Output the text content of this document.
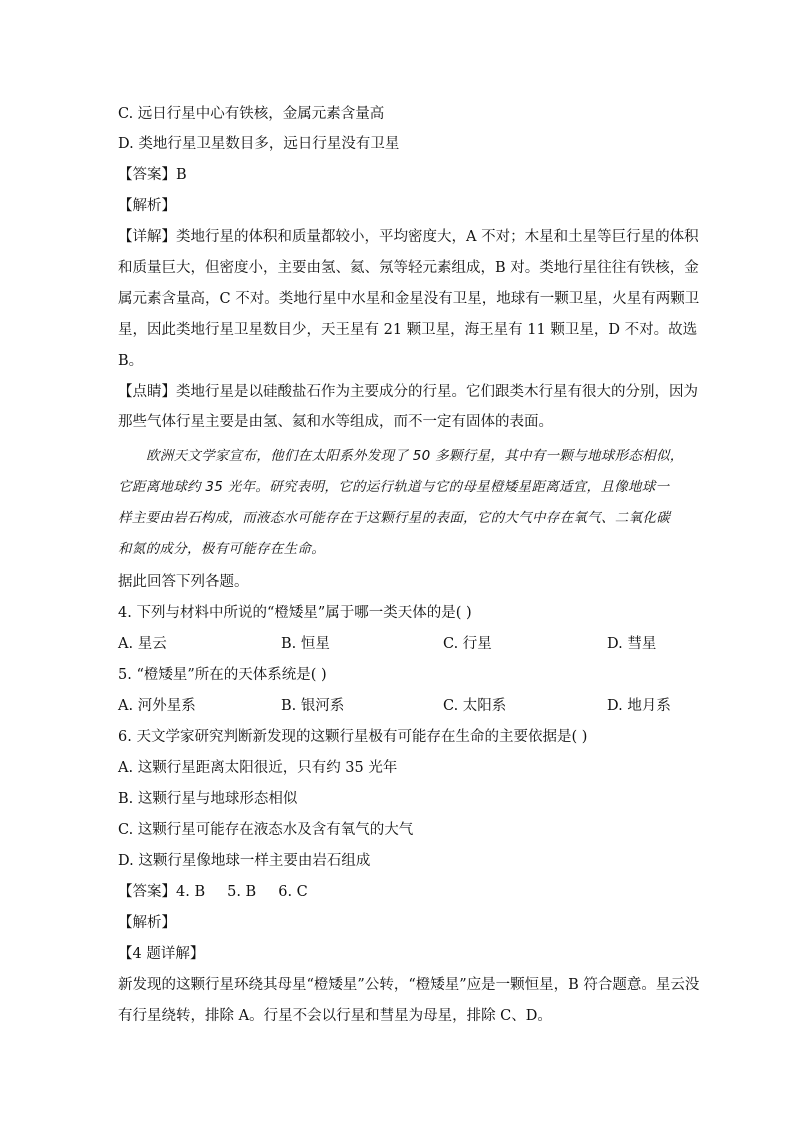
C. 远日行星中心有铁核，金属元素含量高
D. 类地行星卫星数目多，远日行星没有卫星
【答案】B
【解析】
【详解】类地行星的体积和质量都较小，平均密度大，A 不对；木星和土星等巨行星的体积
和质量巨大，但密度小，主要由氢、氦、氖等轻元素组成，B 对。类地行星往往有铁核，金
属元素含量高，C 不对。类地行星中水星和金星没有卫星，地球有一颗卫星，火星有两颗卫
星，因此类地行星卫星数目少，天王星有 21 颗卫星，海王星有 11 颗卫星，D 不对。故选
B。
【点睛】类地行星是以硅酸盐石作为主要成分的行星。它们跟类木行星有很大的分别，因为
那些气体行星主要是由氢、氦和水等组成，而不一定有固体的表面。
欧洲天文学家宣布，他们在太阳系外发现了 50 多颗行星，其中有一颗与地球形态相似，
它距离地球约 35 光年。研究表明，它的运行轨道与它的母星橙矮星距离适宜，且像地球一
样主要由岩石构成，而液态水可能存在于这颗行星的表面，它的大气中存在氧气、二氧化碳
和氮的成分，极有可能存在生命。
据此回答下列各题。
4. 下列与材料中所说的“橙矮星”属于哪一类天体的是( )
A. 星云	B. 恒星	C. 行星	D. 彗星
5. “橙矮星”所在的天体系统是( )
A. 河外星系	B. 银河系	C. 太阳系	D. 地月系
6. 天文学家研究判断新发现的这颗行星极有可能存在生命的主要依据是( )
A. 这颗行星距离太阳很近，只有约 35 光年
B. 这颗行星与地球形态相似
C. 这颗行星可能存在液态水及含有氧气的大气
D. 这颗行星像地球一样主要由岩石组成
【答案】4. B 5. B 6. C
【解析】
【4 题详解】
新发现的这颗行星环绕其母星“橙矮星”公转，“橙矮星”应是一颗恒星，B 符合题意。星云没
有行星绕转，排除 A。行星不会以行星和彗星为母星，排除 C、D。
